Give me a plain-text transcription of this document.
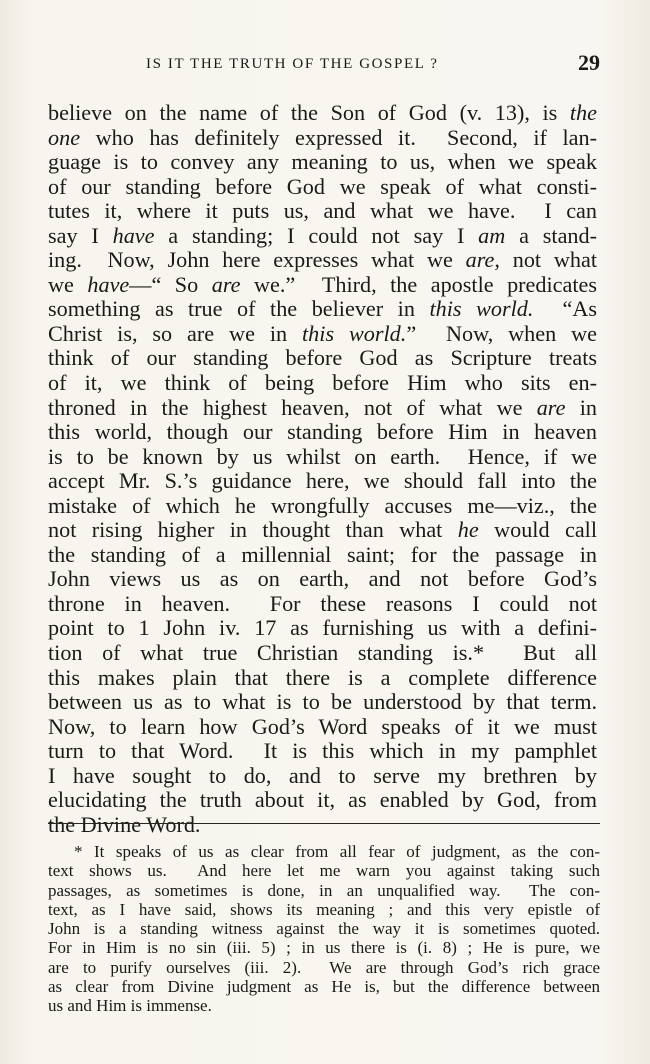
IS IT THE TRUTH OF THE GOSPEL ?	29
believe on the name of the Son of God (v. 13), is the
one who has definitely expressed it.  Second, if lan-
guage is to convey any meaning to us, when we speak
of our standing before God we speak of what consti-
tutes it, where it puts us, and what we have.  I can
say I have a standing; I could not say I am a stand-
ing.  Now, John here expresses what we are, not what
we have—“ So are we.”  Third, the apostle predicates
something as true of the believer in this world.  “As
Christ is, so are we in this world.”  Now, when we
think of our standing before God as Scripture treats
of it, we think of being before Him who sits en-
throned in the highest heaven, not of what we are in
this world, though our standing before Him in heaven
is to be known by us whilst on earth.  Hence, if we
accept Mr. S.’s guidance here, we should fall into the
mistake of which he wrongfully accuses me—viz., the
not rising higher in thought than what he would call
the standing of a millennial saint; for the passage in
John views us as on earth, and not before God’s
throne in heaven.  For these reasons I could not
point to 1 John iv. 17 as furnishing us with a defini-
tion of what true Christian standing is.*  But all
this makes plain that there is a complete difference
between us as to what is to be understood by that term.
Now, to learn how God’s Word speaks of it we must
turn to that Word.  It is this which in my pamphlet
I have sought to do, and to serve my brethren by
elucidating the truth about it, as enabled by God, from
the Divine Word.
* It speaks of us as clear from all fear of judgment, as the con-
text shows us.  And here let me warn you against taking such
passages, as sometimes is done, in an unqualified way.  The con-
text, as I have said, shows its meaning ; and this very epistle of
John is a standing witness against the way it is sometimes quoted.
For in Him is no sin (iii. 5) ; in us there is (i. 8) ; He is pure, we
are to purify ourselves (iii. 2).  We are through God’s rich grace
as clear from Divine judgment as He is, but the difference between
us and Him is immense.
